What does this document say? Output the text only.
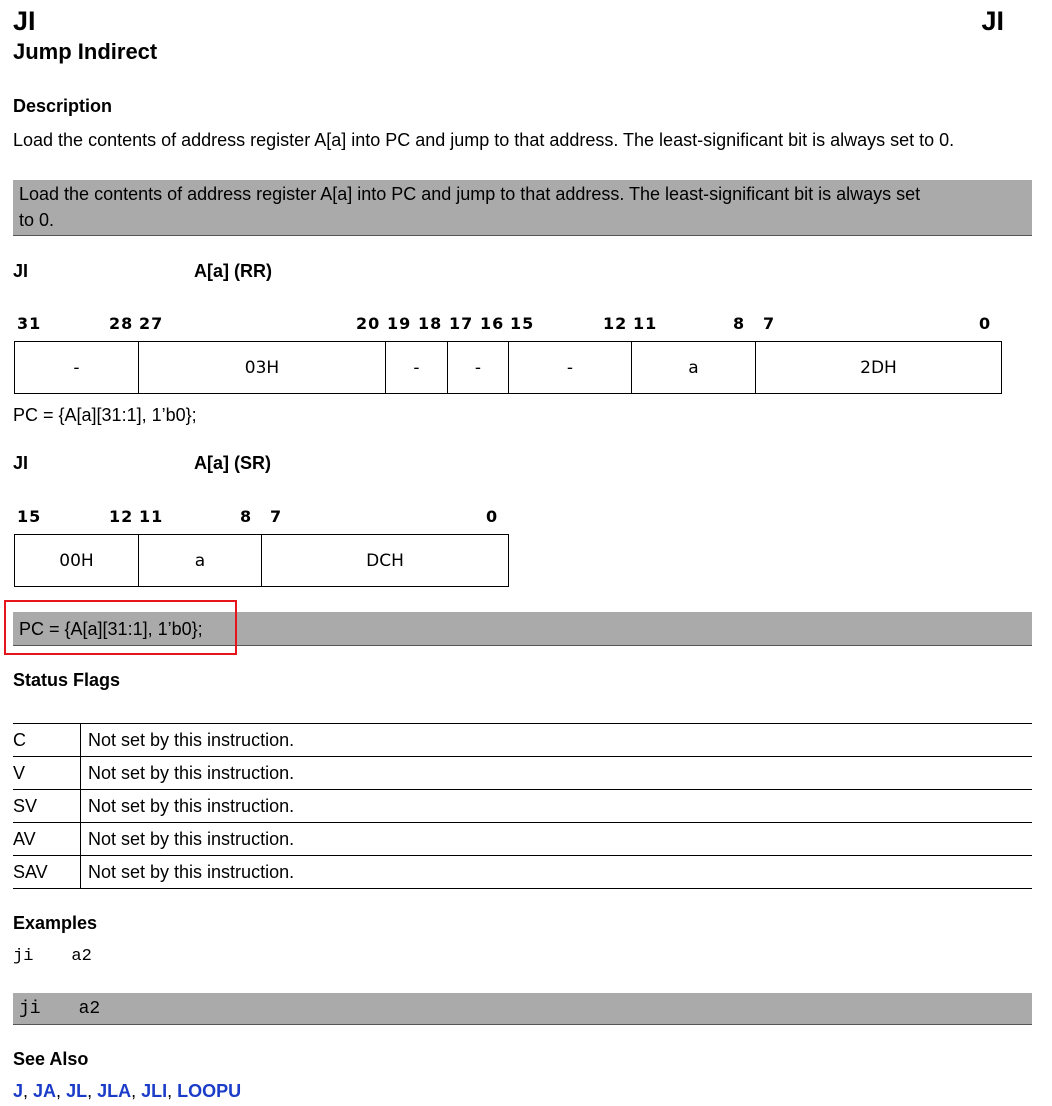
JI	JI
Jump Indirect
Description
Load the contents of address register A[a] into PC and jump to that address. The least-significant bit is always set to 0.
Load the contents of address register A[a] into PC and jump to that address. The least-significant bit is always set
to 0.
JI	A[a] (RR)
31	28 27	20 19 18 17 16 15	12 11	8 7	0
-	03 H	-	-	-	a	2D H
PC = {A[a][31:1], 1’b0};
JI	A[a] (SR)
15	12 11	8 7	0
00 H	a	DC H
PC = {A[a][31:1], 1’b0};
Status Flags
C	Not set by this instruction.
V	Not set by this instruction.
SV	Not set by this instruction.
AV	Not set by this instruction.
SAV	Not set by this instruction.
Examples
ji a2
ji a2
See Also
J, JA, JL, JLA, JLI, LOOPU
